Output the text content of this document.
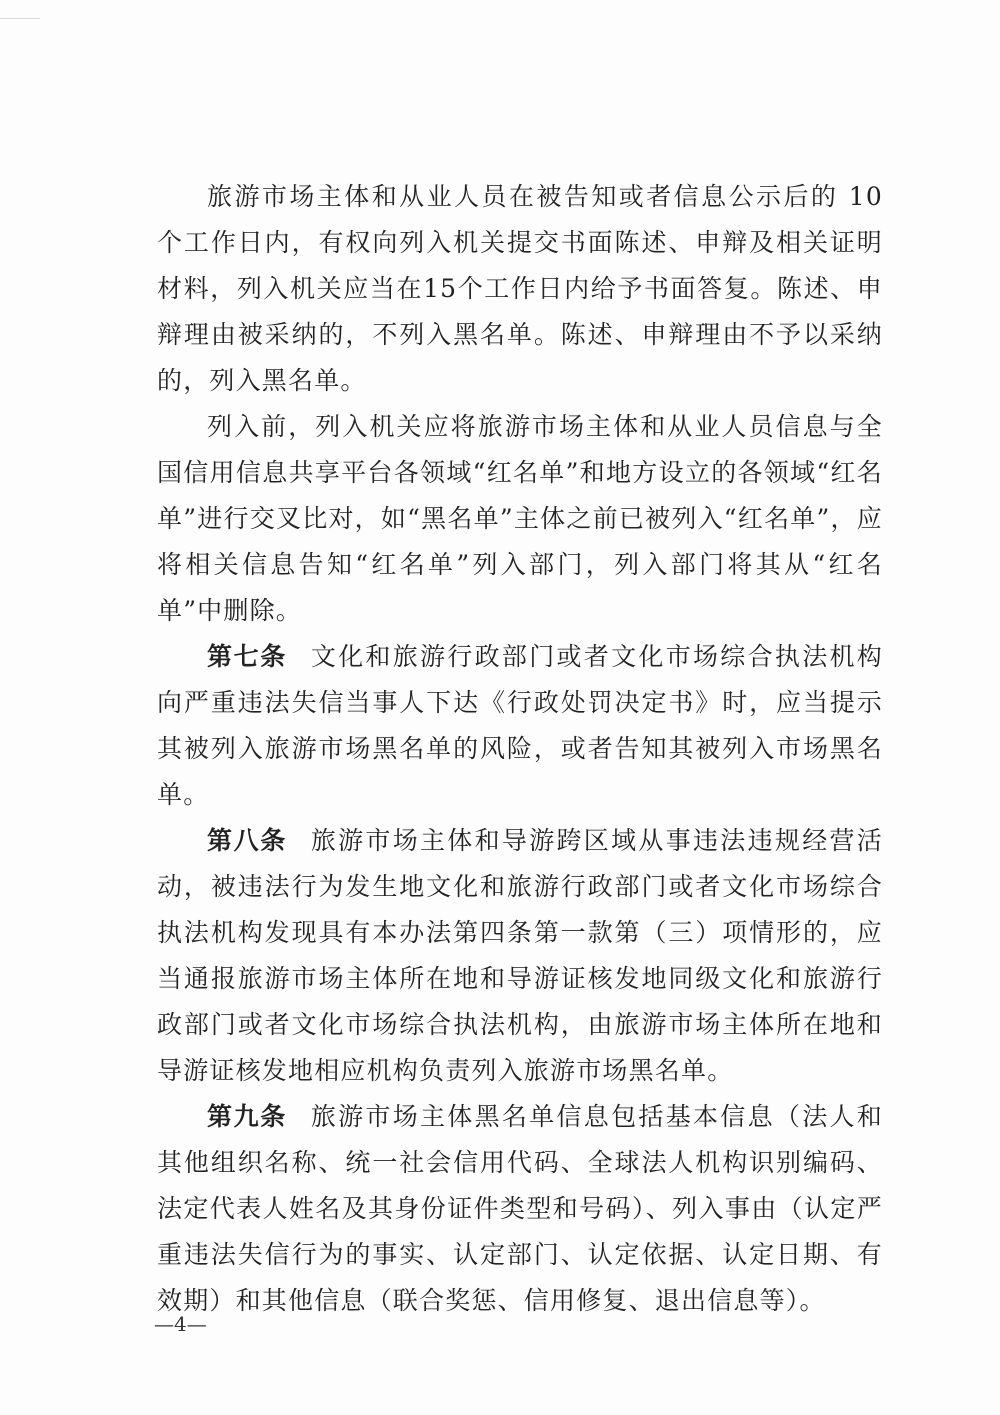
旅游市场主体和从业人员在被告知或者信息公示后的 10 个工作日内，有权向列入机关提交书面陈述、申辩及相关证明材料，列入机关应当在15个工作日内给予书面答复。陈述、申辩理由被采纳的，不列入黑名单。陈述、申辩理由不予以采纳的，列入黑名单。

列入前，列入机关应将旅游市场主体和从业人员信息与全国信用信息共享平台各领域“红名单”和地方设立的各领域“红名单”进行交叉比对，如“黑名单”主体之前已被列入“红名单”，应将相关信息告知“红名单”列入部门，列入部门将其从“红名单”中删除。

第七条 文化和旅游行政部门或者文化市场综合执法机构向严重违法失信当事人下达《行政处罚决定书》时，应当提示其被列入旅游市场黑名单的风险，或者告知其被列入市场黑名单。

第八条 旅游市场主体和导游跨区域从事违法违规经营活动，被违法行为发生地文化和旅游行政部门或者文化市场综合执法机构发现具有本办法第四条第一款第（三）项情形的，应当通报旅游市场主体所在地和导游证核发地同级文化和旅游行政部门或者文化市场综合执法机构，由旅游市场主体所在地和导游证核发地相应机构负责列入旅游市场黑名单。

第九条 旅游市场主体黑名单信息包括基本信息（法人和其他组织名称、统一社会信用代码、全球法人机构识别编码、法定代表人姓名及其身份证件类型和号码）、列入事由（认定严重违法失信行为的事实、认定部门、认定依据、认定日期、有效期）和其他信息（联合奖惩、信用修复、退出信息等）。

—4—
